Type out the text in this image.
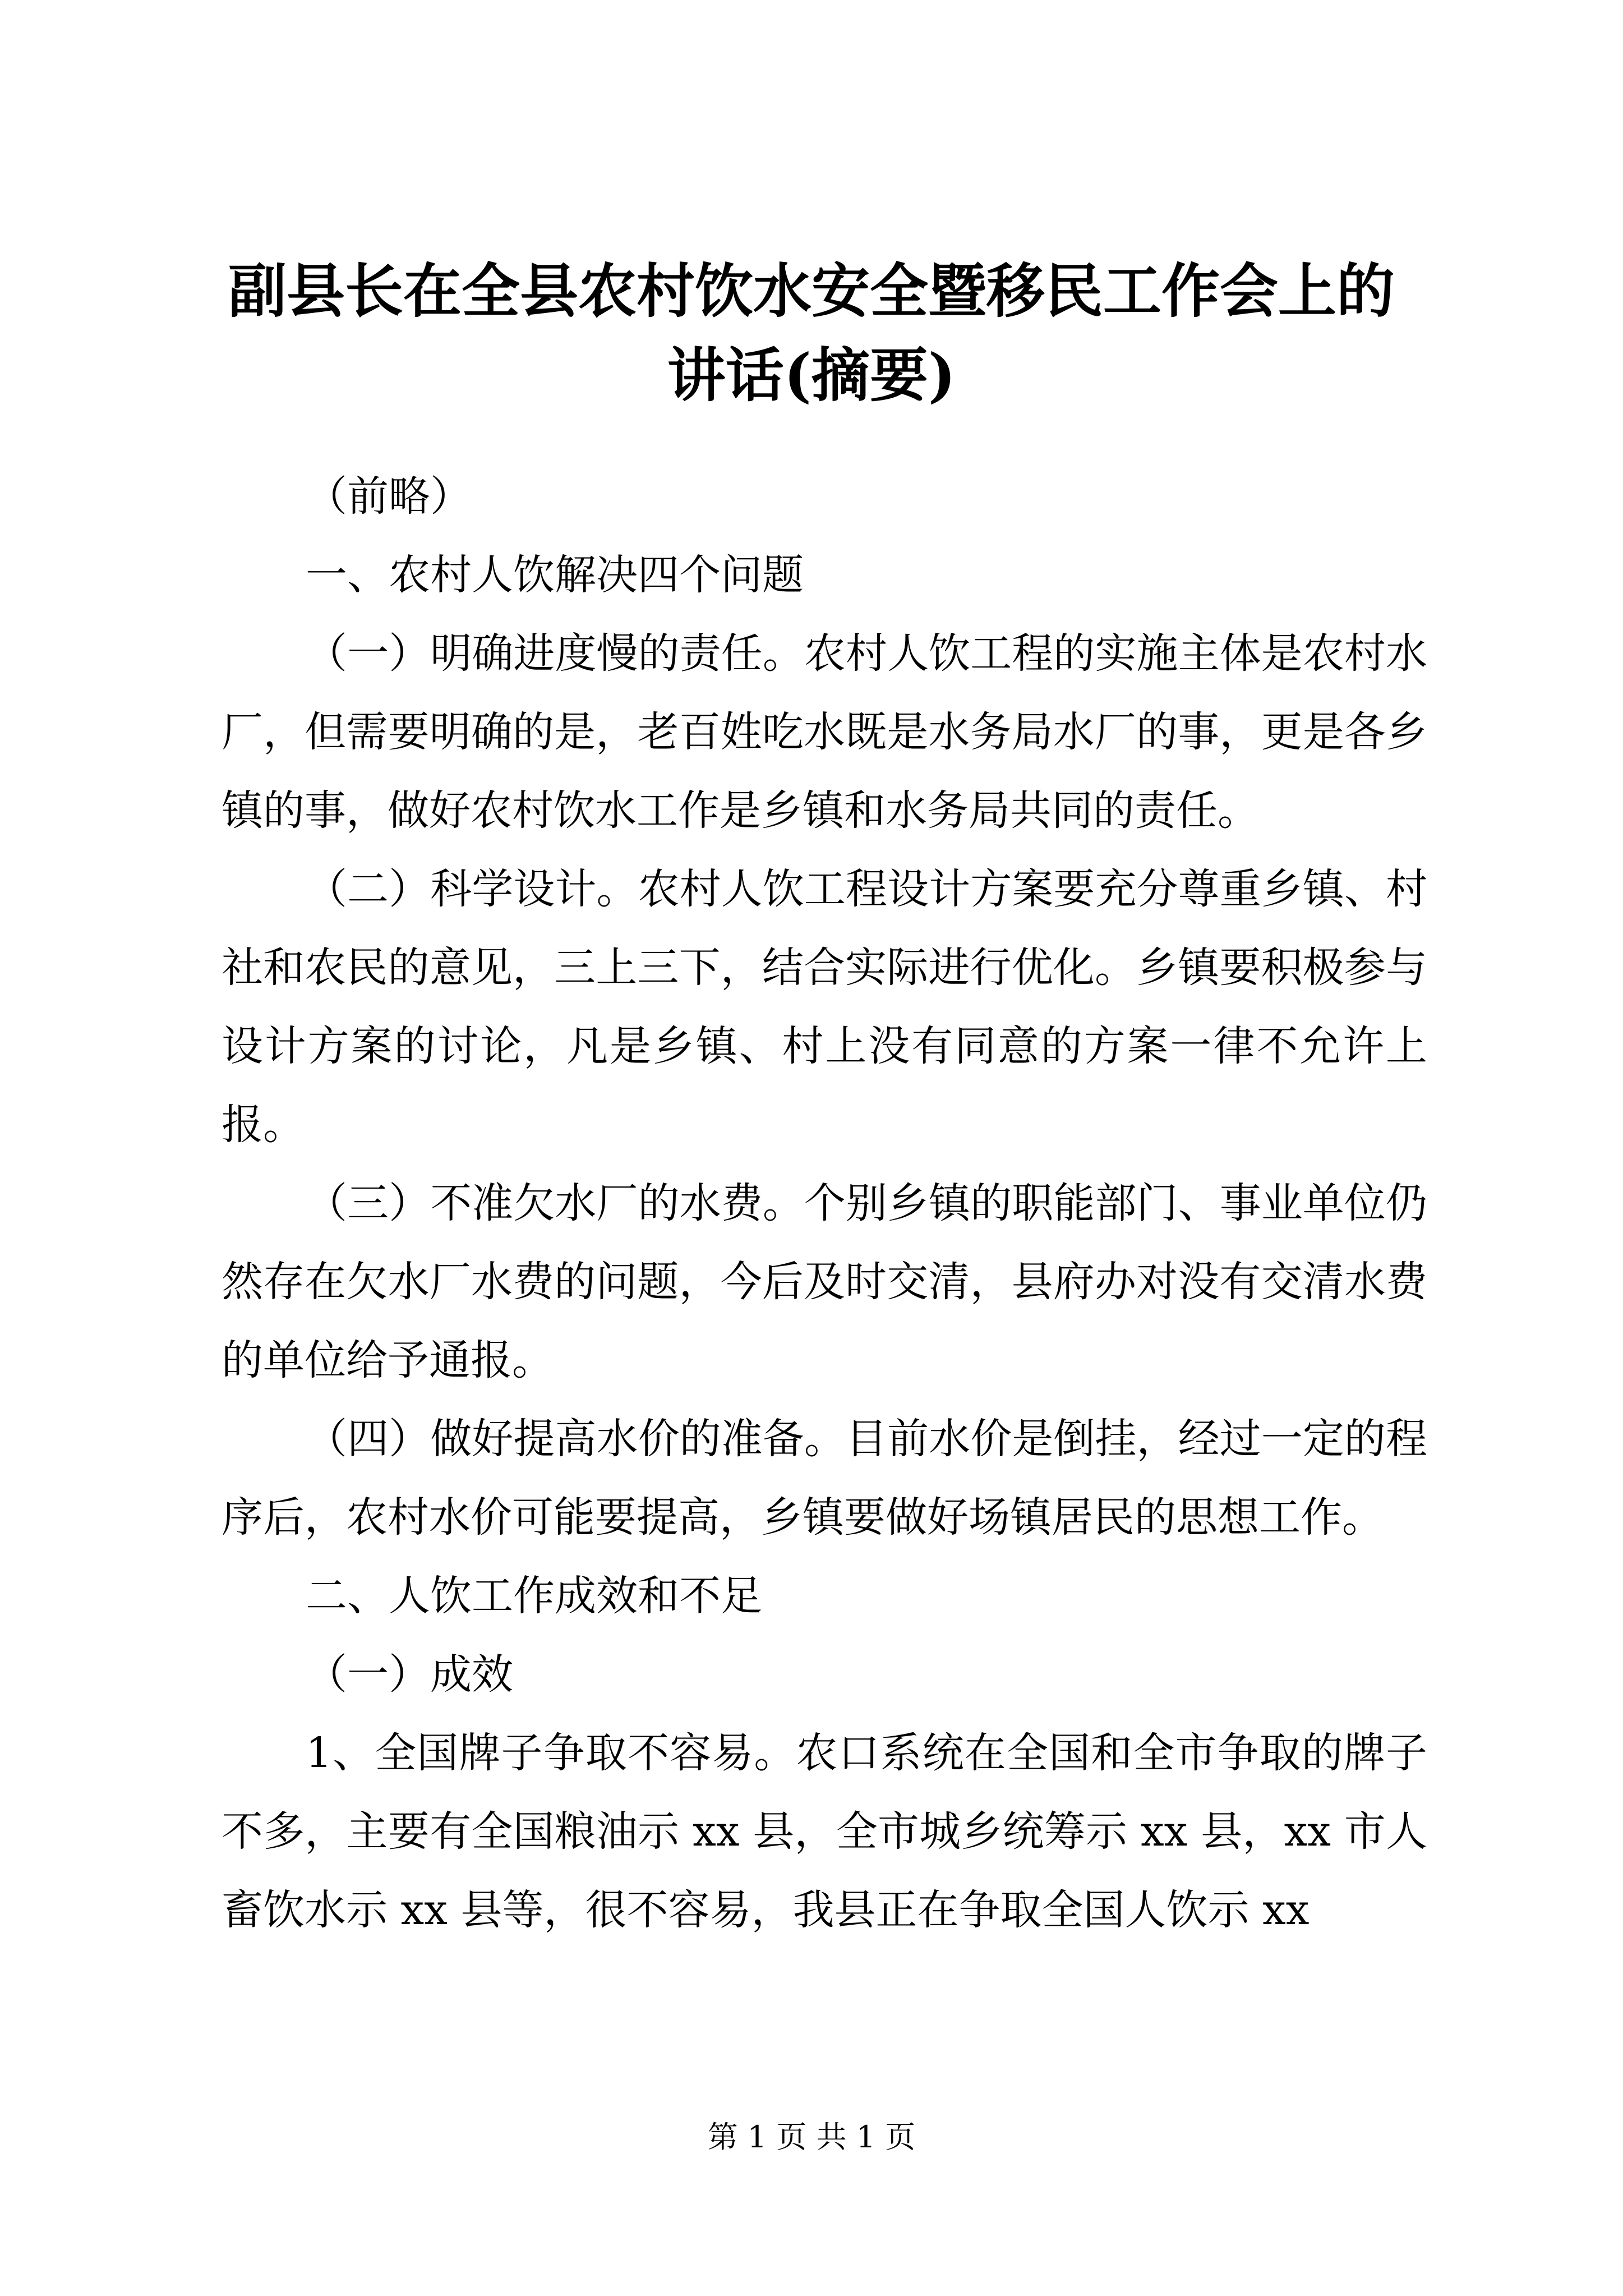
副县长在全县农村饮水安全暨移民工作会上的
讲话(摘要)

（前略）

一、农村人饮解决四个问题

（一）明确进度慢的责任。农村人饮工程的实施主体是农村水厂，但需要明确的是，老百姓吃水既是水务局水厂的事，更是各乡镇的事，做好农村饮水工作是乡镇和水务局共同的责任。

（二）科学设计。农村人饮工程设计方案要充分尊重乡镇、村社和农民的意见，三上三下，结合实际进行优化。乡镇要积极参与设计方案的讨论，凡是乡镇、村上没有同意的方案一律不允许上报。

（三）不准欠水厂的水费。个别乡镇的职能部门、事业单位仍然存在欠水厂水费的问题，今后及时交清，县府办对没有交清水费的单位给予通报。

（四）做好提高水价的准备。目前水价是倒挂，经过一定的程序后，农村水价可能要提高，乡镇要做好场镇居民的思想工作。

二、人饮工作成效和不足

（一）成效

1、全国牌子争取不容易。农口系统在全国和全市争取的牌子不多，主要有全国粮油示 xx 县，全市城乡统筹示 xx 县，xx 市人畜饮水示 xx 县等，很不容易，我县正在争取全国人饮示 xx

第 1 页 共 1 页
